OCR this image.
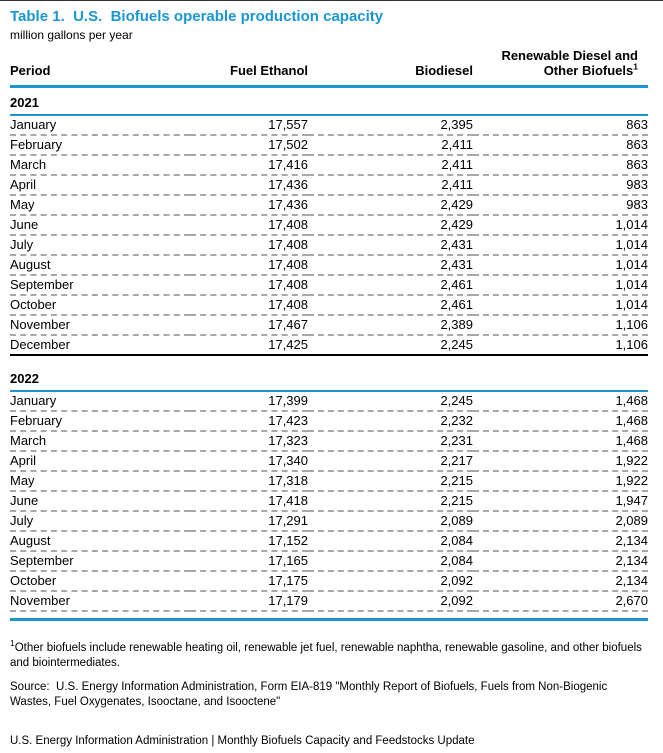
Table 1.  U.S.  Biofuels operable production capacity
million gallons per year
			Renewable Diesel and
Period	Fuel Ethanol	Biodiesel	Other Biofuels$^1$
2021			
January	17,557	2,395	863
February	17,502	2,411	863
March	17,416	2,411	863
April	17,436	2,411	983
May	17,436	2,429	983
June	17,408	2,429	1,014
July	17,408	2,431	1,014
August	17,408	2,431	1,014
September	17,408	2,461	1,014
October	17,408	2,461	1,014
November	17,467	2,389	1,106
December	17,425	2,245	1,106
2022			
January	17,399	2,245	1,468
February	17,423	2,232	1,468
March	17,323	2,231	1,468
April	17,340	2,217	1,922
May	17,318	2,215	1,922
June	17,418	2,215	1,947
July	17,291	2,089	2,089
August	17,152	2,084	2,134
September	17,165	2,084	2,134
October	17,175	2,092	2,134
November	17,179	2,092	2,670

$^1$Other biofuels include renewable heating oil, renewable jet fuel, renewable naphtha, renewable gasoline, and other biofuels and biointermediates.

Source:  U.S. Energy Information Administration, Form EIA-819 "Monthly Report of Biofuels, Fuels from Non-Biogenic Wastes, Fuel Oxygenates, Isooctane, and Isooctene"

U.S. Energy Information Administration | Monthly Biofuels Capacity and Feedstocks Update
